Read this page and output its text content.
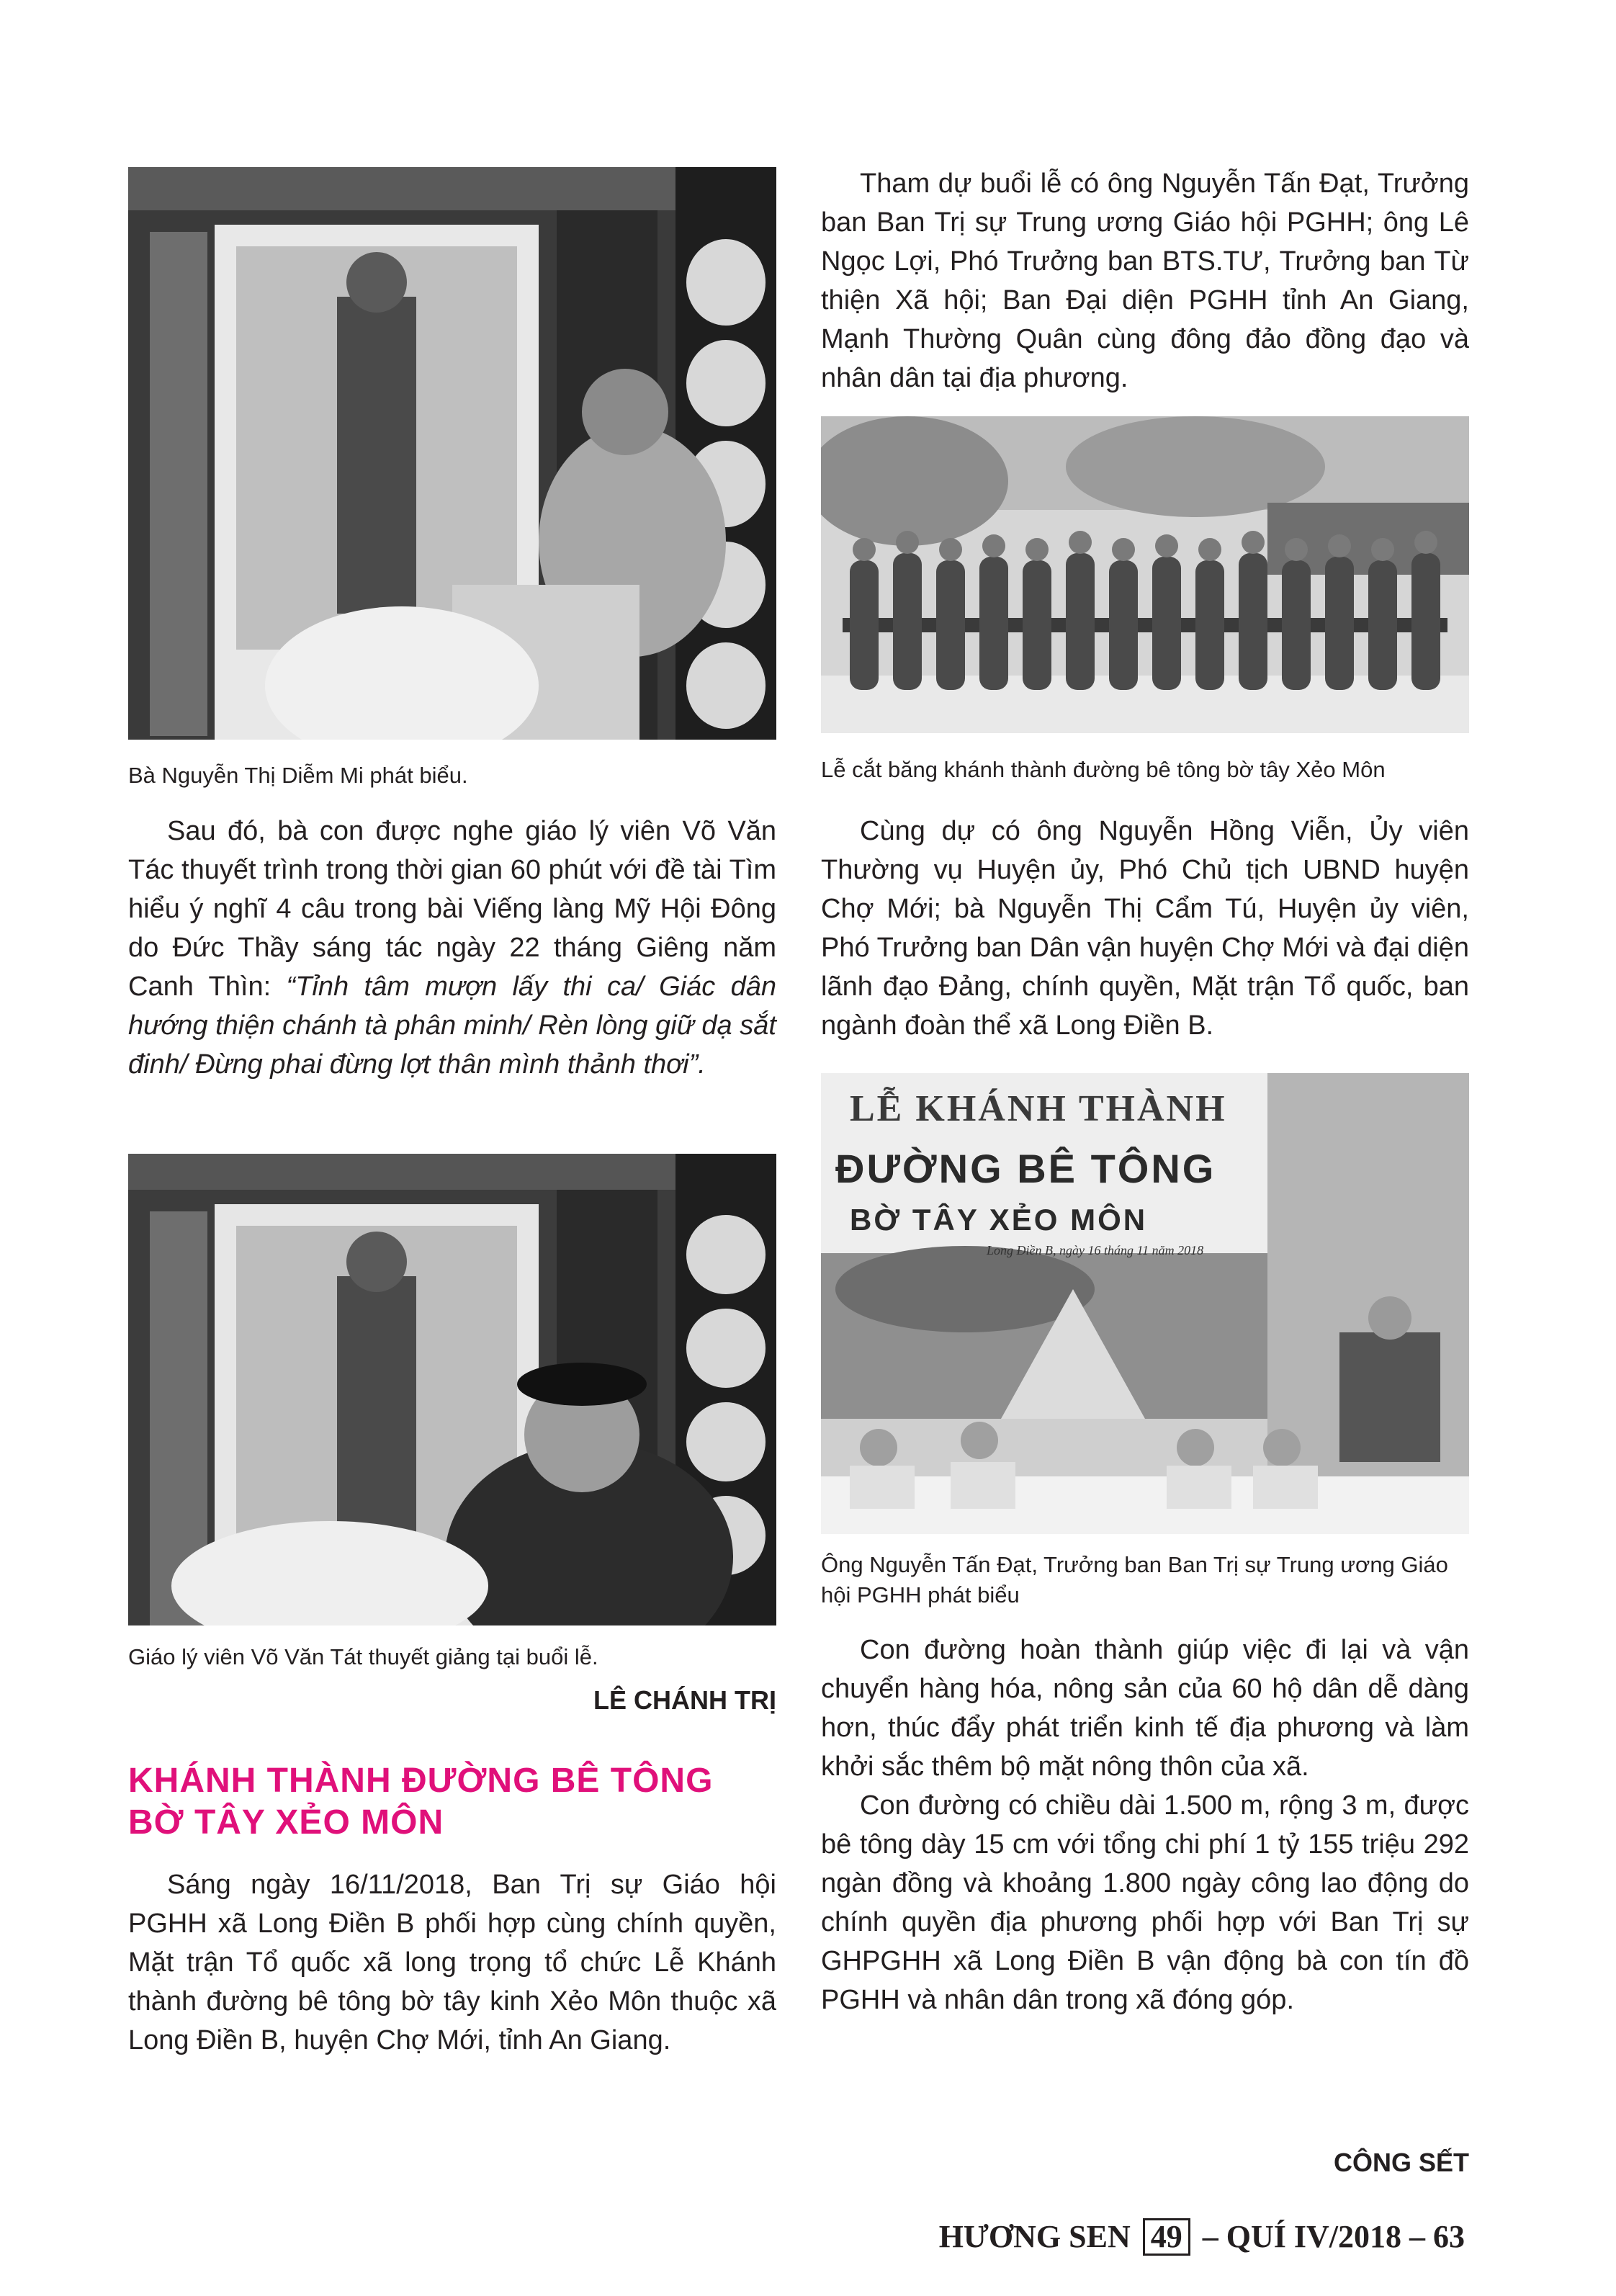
Bà Nguyễn Thị Diễm Mi phát biểu.

Sau đó, bà con được nghe giáo lý viên Võ Văn Tác thuyết trình trong thời gian 60 phút với đề tài Tìm hiểu ý nghĩ 4 câu trong bài Viếng làng Mỹ Hội Đông do Đức Thầy sáng tác ngày 22 tháng Giêng năm Canh Thìn: “Tỉnh tâm mượn lấy thi ca/ Giác dân hướng thiện chánh tà phân minh/ Rèn lòng giữ dạ sắt đinh/ Đừng phai đừng lợt thân mình thảnh thơi”.

Giáo lý viên Võ Văn Tát thuyết giảng tại buổi lễ.
LÊ CHÁNH TRỊ
KHÁNH THÀNH ĐƯỜNG BÊ TÔNG BỜ TÂY XẺO MÔN

Sáng ngày 16/11/2018, Ban Trị sự Giáo hội PGHH xã Long Điền B phối hợp cùng chính quyền, Mặt trận Tổ quốc xã long trọng tổ chức Lễ Khánh thành đường bê tông bờ tây kinh Xẻo Môn thuộc xã Long Điền B, huyện Chợ Mới, tỉnh An Giang.

Tham dự buổi lễ có ông Nguyễn Tấn Đạt, Trưởng ban Ban Trị sự Trung ương Giáo hội PGHH; ông Lê Ngọc Lợi, Phó Trưởng ban BTS.TƯ, Trưởng ban Từ thiện Xã hội; Ban Đại diện PGHH tỉnh An Giang, Mạnh Thường Quân cùng đông đảo đồng đạo và nhân dân tại địa phương.

Lễ cắt băng khánh thành đường bê tông bờ tây Xẻo Môn

Cùng dự có ông Nguyễn Hồng Viễn, Ủy viên Thường vụ Huyện ủy, Phó Chủ tịch UBND huyện Chợ Mới; bà Nguyễn Thị Cẩm Tú, Huyện ủy viên, Phó Trưởng ban Dân vận huyện Chợ Mới và đại diện lãnh đạo Đảng, chính quyền, Mặt trận Tổ quốc, ban ngành đoàn thể xã Long Điền B.

LỄ KHÁNH THÀNH
ĐƯỜNG BÊ TÔNG
BỜ TÂY XẺO MÔN
Long Điền B, ngày 16 tháng 11 năm 2018
Ông Nguyễn Tấn Đạt, Trưởng ban Ban Trị sự Trung ương Giáo hội PGHH phát biểu

Con đường hoàn thành giúp việc đi lại và vận chuyển hàng hóa, nông sản của 60 hộ dân dễ dàng hơn, thúc đẩy phát triển kinh tế địa phương và làm khởi sắc thêm bộ mặt nông thôn của xã.

Con đường có chiều dài 1.500 m, rộng 3 m, được bê tông dày 15 cm với tổng chi phí 1 tỷ 155 triệu 292 ngàn đồng và khoảng 1.800 ngày công lao động do chính quyền địa phương phối hợp với Ban Trị sự GHPGHH xã Long Điền B vận động bà con tín đồ PGHH và nhân dân trong xã đóng góp.

CÔNG SẾT
HƯƠNG SEN 49 – QUÍ IV/2018 – 63
